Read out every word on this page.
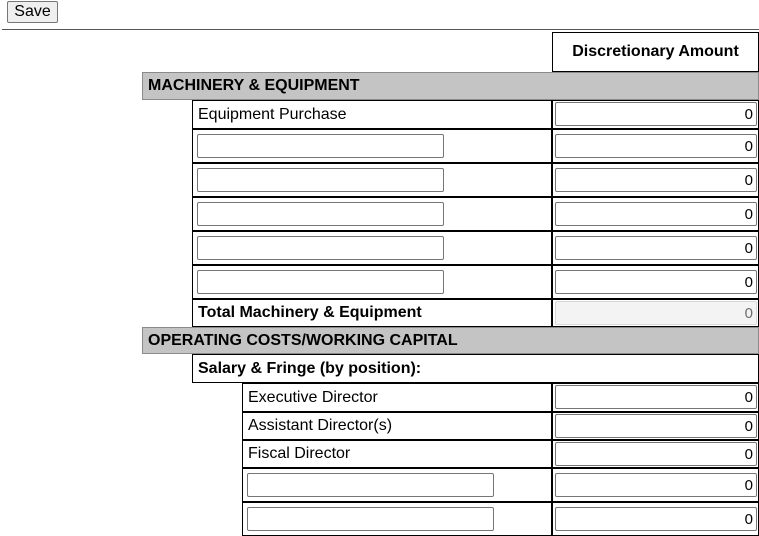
Save
Discretionary Amount
MACHINERY & EQUIPMENT
Equipment Purchase
0
0
0
0
0
0
Total Machinery & Equipment
0
OPERATING COSTS/WORKING CAPITAL
Salary & Fringe (by position):
Executive Director
0
Assistant Director(s)
0
Fiscal Director
0
0
0
